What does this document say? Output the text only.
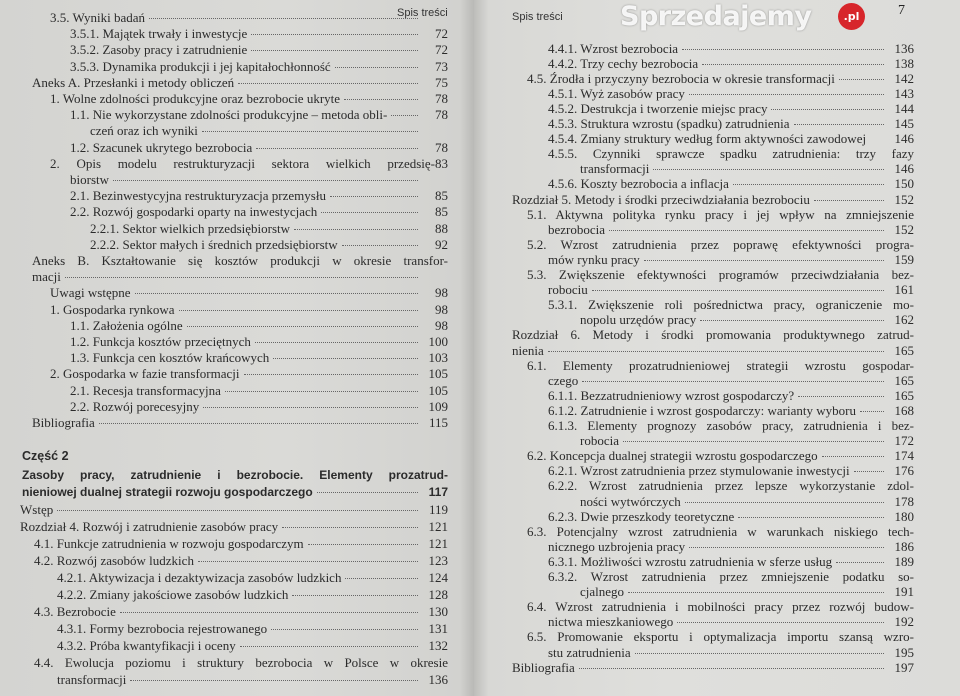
Spis treści
Część 2
Spis treści	7
Sprzedajemy	.pl
3.5. Wyniki badań
3.5.1. Majątek trwały i inwestycje	72
3.5.2. Zasoby pracy i zatrudnienie	72
3.5.3. Dynamika produkcji i jej kapitałochłonność	73
Aneks A. Przesłanki i metody obliczeń	75
1. Wolne zdolności produkcyjne oraz bezrobocie ukryte	78
1.1. Nie wykorzystane zdolności produkcyjne – metoda obli-	78
czeń oraz ich wyniki
1.2. Szacunek ukrytego bezrobocia	78
2. Opis modelu restrukturyzacji sektora wielkich przedsię- 83
biorstw
2.1. Bezinwestycyjna restrukturyzacja przemysłu	85
2.2. Rozwój gospodarki oparty na inwestycjach	85
2.2.1. Sektor wielkich przedsiębiorstw	88
2.2.2. Sektor małych i średnich przedsiębiorstw	92
Aneks B. Kształtowanie się kosztów produkcji w okresie transfor-
macji
Uwagi wstępne	98
1. Gospodarka rynkowa	98
1.1. Założenia ogólne	98
1.2. Funkcja kosztów przeciętnych	100
1.3. Funkcja cen kosztów krańcowych	103
2. Gospodarka w fazie transformacji	105
2.1. Recesja transformacyjna	105
2.2. Rozwój porecesyjny	109
Bibliografia	115
Zasoby pracy, zatrudnienie i bezrobocie. Elementy prozatrud-
nieniowej dualnej strategii rozwoju gospodarczego	117
Wstęp	119
Rozdział 4. Rozwój i zatrudnienie zasobów pracy	121
4.1. Funkcje zatrudnienia w rozwoju gospodarczym	121
4.2. Rozwój zasobów ludzkich	123
4.2.1. Aktywizacja i dezaktywizacja zasobów ludzkich	124
4.2.2. Zmiany jakościowe zasobów ludzkich	128
4.3. Bezrobocie	130
4.3.1. Formy bezrobocia rejestrowanego	131
4.3.2. Próba kwantyfikacji i oceny	132
4.4. Ewolucja poziomu i struktury bezrobocia w Polsce w okresie
transformacji	136
4.4.1. Wzrost bezrobocia	136
4.4.2. Trzy cechy bezrobocia	138
4.5. Źrodła i przyczyny bezrobocia w okresie transformacji	142
4.5.1. Wyż zasobów pracy	143
4.5.2. Destrukcja i tworzenie miejsc pracy	144
4.5.3. Struktura wzrostu (spadku) zatrudnienia	145
4.5.4. Zmiany struktury według form aktywności zawodowej	146
4.5.5. Czynniki sprawcze spadku zatrudnienia: trzy fazy
transformacji	146
4.5.6. Koszty bezrobocia a inflacja	150
Rozdział 5. Metody i środki przeciwdziałania bezrobociu	152
5.1. Aktywna polityka rynku pracy i jej wpływ na zmniejszenie
bezrobocia	152
5.2. Wzrost zatrudnienia przez poprawę efektywności progra-
mów rynku pracy	159
5.3. Zwiększenie efektywności programów przeciwdziałania bez-
robociu	161
5.3.1. Zwiększenie roli pośrednictwa pracy, ograniczenie mo-
nopolu urzędów pracy	162
Rozdział 6. Metody i środki promowania produktywnego zatrud-
nienia	165
6.1. Elementy prozatrudnieniowej strategii wzrostu gospodar-
czego	165
6.1.1. Bezzatrudnieniowy wzrost gospodarczy?	165
6.1.2. Zatrudnienie i wzrost gospodarczy: warianty wyboru	168
6.1.3. Elementy prognozy zasobów pracy, zatrudnienia i bez-
robocia	172
6.2. Koncepcja dualnej strategii wzrostu gospodarczego	174
6.2.1. Wzrost zatrudnienia przez stymulowanie inwestycji	176
6.2.2. Wzrost zatrudnienia przez lepsze wykorzystanie zdol-
ności wytwórczych	178
6.2.3. Dwie przeszkody teoretyczne	180
6.3. Potencjalny wzrost zatrudnienia w warunkach niskiego tech-
nicznego uzbrojenia pracy	186
6.3.1. Możliwości wzrostu zatrudnienia w sferze usług	189
6.3.2. Wzrost zatrudnienia przez zmniejszenie podatku so-
cjalnego	191
6.4. Wzrost zatrudnienia i mobilności pracy przez rozwój budow-
nictwa mieszkaniowego	192
6.5. Promowanie eksportu i optymalizacja importu szansą wzro-
stu zatrudnienia	195
Bibliografia	197
